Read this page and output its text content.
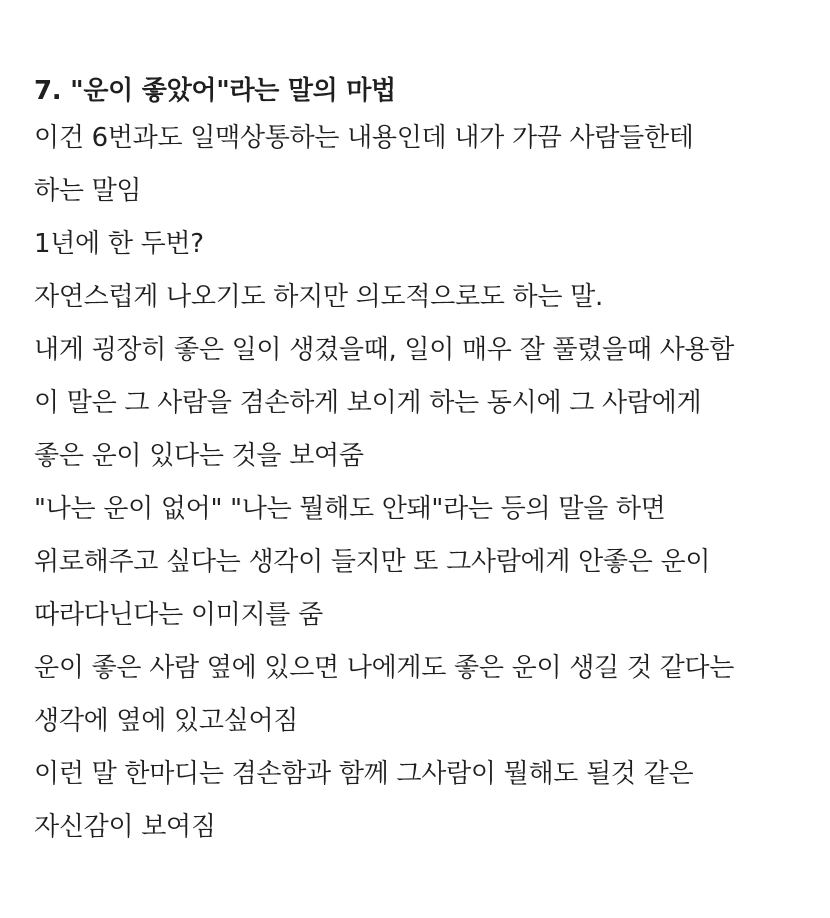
7. "운이 좋았어"라는 말의 마법
이건 6번과도 일맥상통하는 내용인데 내가 가끔 사람들한테
하는 말임
1년에 한 두번?
자연스럽게 나오기도 하지만 의도적으로도 하는 말.
내게 굉장히 좋은 일이 생겼을때, 일이 매우 잘 풀렸을때 사용함
이 말은 그 사람을 겸손하게 보이게 하는 동시에 그 사람에게
좋은 운이 있다는 것을 보여줌
"나는 운이 없어" "나는 뭘해도 안돼"라는 등의 말을 하면
위로해주고 싶다는 생각이 들지만 또 그사람에게 안좋은 운이
따라다닌다는 이미지를 줌
운이 좋은 사람 옆에 있으면 나에게도 좋은 운이 생길 것 같다는
생각에 옆에 있고싶어짐
이런 말 한마디는 겸손함과 함께 그사람이 뭘해도 될것 같은
자신감이 보여짐
